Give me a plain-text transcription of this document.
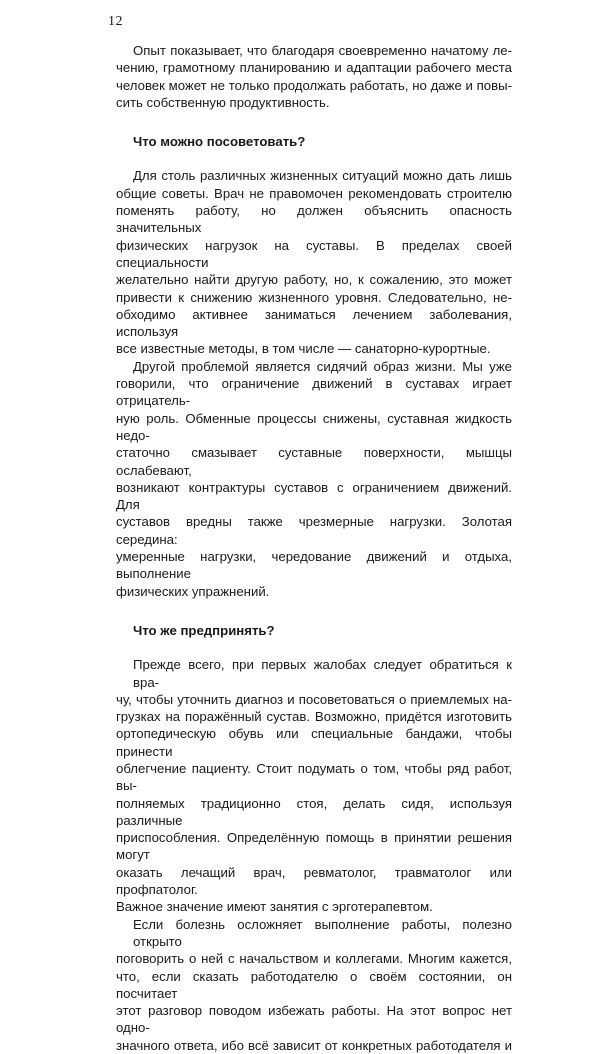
12
Опыт показывает, что благодаря своевременно начатому ле-
чению, грамотному планированию и адаптации рабочего места
человек может не только продолжать работать, но даже и повы-
сить собственную продуктивность.
Что можно посоветовать?
Для столь различных жизненных ситуаций можно дать лишь
общие советы. Врач не правомочен рекомендовать строителю
поменять работу, но должен объяснить опасность значительных
физических нагрузок на суставы. В пределах своей специальности
желательно найти другую работу, но, к сожалению, это может
привести к снижению жизненного уровня. Следовательно, не-
обходимо активнее заниматься лечением заболевания, используя
все известные методы, в том числе — санаторно-курортные.
Другой проблемой является сидячий образ жизни. Мы уже
говорили, что ограничение движений в суставах играет отрицатель-
ную роль. Обменные процессы снижены, суставная жидкость недо-
статочно смазывает суставные поверхности, мышцы ослабевают,
возникают контрактуры суставов с ограничением движений. Для
суставов вредны также чрезмерные нагрузки. Золотая середина:
умеренные нагрузки, чередование движений и отдыха, выполнение
физических упражнений.
Что же предпринять?
Прежде всего, при первых жалобах следует обратиться к вра-
чу, чтобы уточнить диагноз и посоветоваться о приемлемых на-
грузках на поражённый сустав. Возможно, придётся изготовить
ортопедическую обувь или специальные бандажи, чтобы принести
облегчение пациенту. Стоит подумать о том, чтобы ряд работ, вы-
полняемых традиционно стоя, делать сидя, используя различные
приспособления. Определённую помощь в принятии решения могут
оказать лечащий врач, ревматолог, травматолог или профпатолог.
Важное значение имеют занятия с эрготерапевтом.
Если болезнь осложняет выполнение работы, полезно открыто
поговорить о ней с начальством и коллегами. Многим кажется,
что, если сказать работодателю о своём состоянии, он посчитает
этот разговор поводом избежать работы. На этот вопрос нет одно-
значного ответа, ибо всё зависит от конкретных работодателя и
